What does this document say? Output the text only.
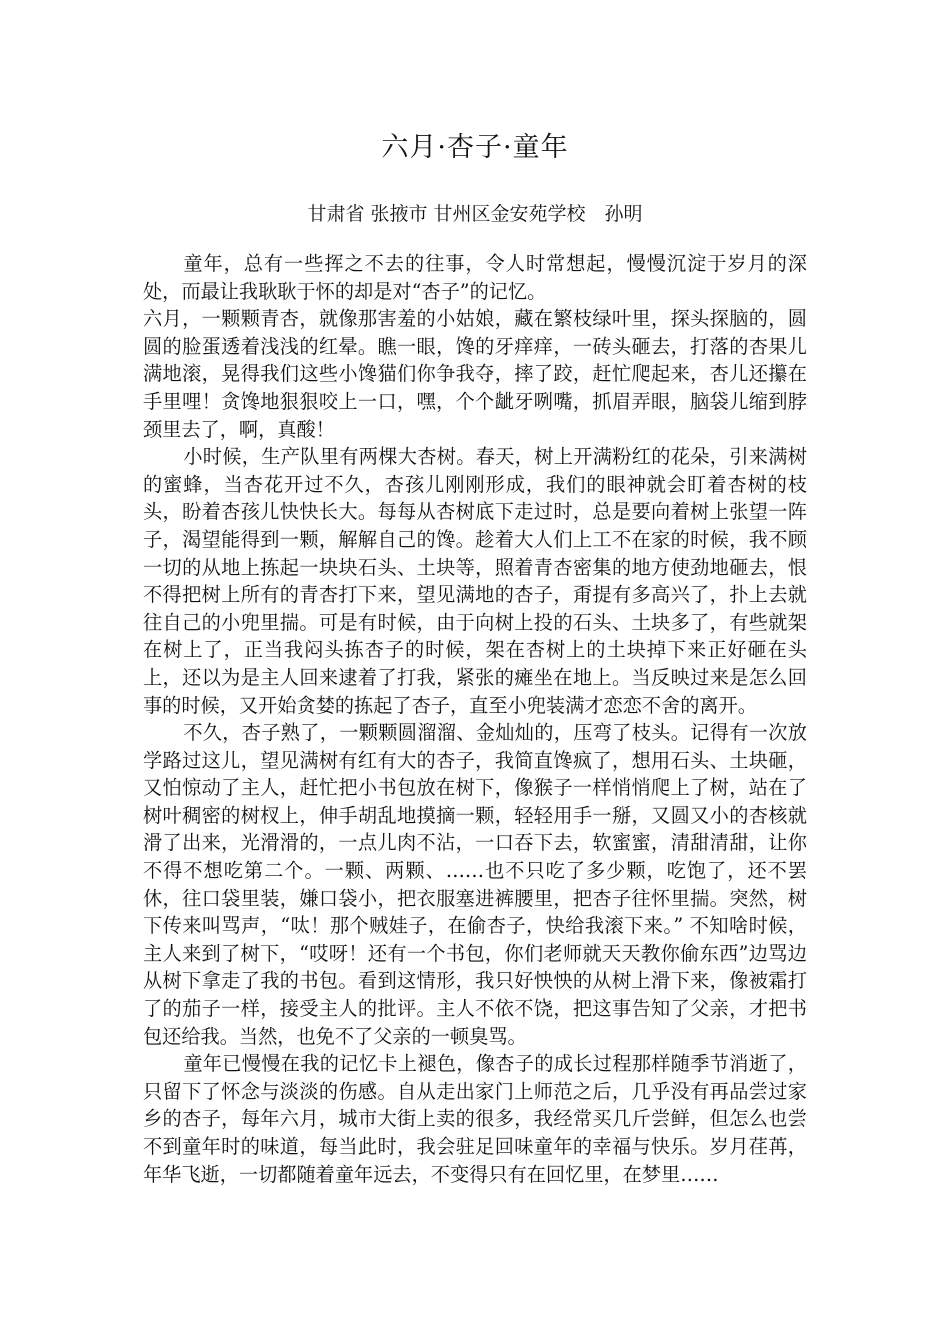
六月·杏子·童年
甘肃省 张掖市 甘州区金安苑学校　孙明

童年，总有一些挥之不去的往事，令人时常想起，慢慢沉淀于岁月的深处，而最让我耿耿于怀的却是对“杏子”的记忆。

六月，一颗颗青杏，就像那害羞的小姑娘，藏在繁枝绿叶里，探头探脑的，圆圆的脸蛋透着浅浅的红晕。瞧一眼，馋的牙痒痒，一砖头砸去，打落的杏果儿满地滚，晃得我们这些小馋猫们你争我夺，摔了跤，赶忙爬起来，杏儿还攥在手里哩！贪馋地狠狠咬上一口，嘿，个个龇牙咧嘴，抓眉弄眼，脑袋儿缩到脖颈里去了，啊，真酸！

小时候，生产队里有两棵大杏树。春天，树上开满粉红的花朵，引来满树的蜜蜂，当杏花开过不久，杏孩儿刚刚形成，我们的眼神就会盯着杏树的枝头，盼着杏孩儿快快长大。每每从杏树底下走过时，总是要向着树上张望一阵子，渴望能得到一颗，解解自己的馋。趁着大人们上工不在家的时候，我不顾一切的从地上拣起一块块石头、土块等，照着青杏密集的地方使劲地砸去，恨不得把树上所有的青杏打下来，望见满地的杏子，甭提有多高兴了，扑上去就往自己的小兜里揣。可是有时候，由于向树上投的石头、土块多了，有些就架在树上了，正当我闷头拣杏子的时候，架在杏树上的土块掉下来正好砸在头上，还以为是主人回来逮着了打我，紧张的瘫坐在地上。当反映过来是怎么回事的时候，又开始贪婪的拣起了杏子，直至小兜装满才恋恋不舍的离开。

不久，杏子熟了，一颗颗圆溜溜、金灿灿的，压弯了枝头。记得有一次放学路过这儿，望见满树有红有大的杏子，我简直馋疯了，想用石头、土块砸，又怕惊动了主人，赶忙把小书包放在树下，像猴子一样悄悄爬上了树，站在了树叶稠密的树杈上，伸手胡乱地摸摘一颗，轻轻用手一掰，又圆又小的杏核就滑了出来，光滑滑的，一点儿肉不沾，一口吞下去，软蜜蜜，清甜清甜，让你不得不想吃第二个。一颗、两颗、……也不只吃了多少颗，吃饱了，还不罢休，往口袋里装，嫌口袋小，把衣服塞进裤腰里，把杏子往怀里揣。突然，树下传来叫骂声，“呔！那个贼娃子，在偷杏子，快给我滚下来。” 不知啥时候，主人来到了树下，“哎呀！还有一个书包，你们老师就天天教你偷东西”边骂边从树下拿走了我的书包。看到这情形，我只好怏怏的从树上滑下来，像被霜打了的茄子一样，接受主人的批评。主人不依不饶，把这事告知了父亲，才把书包还给我。当然，也免不了父亲的一顿臭骂。

童年已慢慢在我的记忆卡上褪色，像杏子的成长过程那样随季节消逝了，只留下了怀念与淡淡的伤感。自从走出家门上师范之后，几乎没有再品尝过家乡的杏子，每年六月，城市大街上卖的很多，我经常买几斤尝鲜，但怎么也尝不到童年时的味道，每当此时，我会驻足回味童年的幸福与快乐。岁月荏苒，年华飞逝，一切都随着童年远去，不变得只有在回忆里，在梦里……
